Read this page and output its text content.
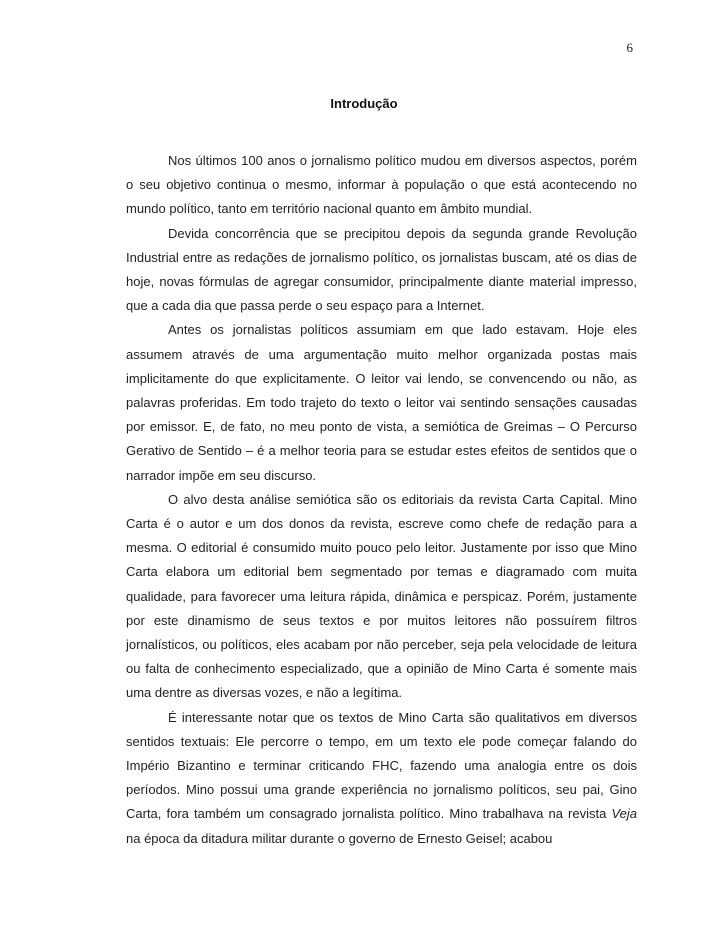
6
Introdução

Nos últimos 100 anos o jornalismo político mudou em diversos aspectos, porém o seu objetivo continua o mesmo, informar à população o que está acontecendo no mundo político, tanto em território nacional quanto em âmbito mundial.

Devida concorrência que se precipitou depois da segunda grande Revolução Industrial entre as redações de jornalismo político, os jornalistas buscam, até os dias de hoje, novas fórmulas de agregar consumidor, principalmente diante material impresso, que a cada dia que passa perde o seu espaço para a Internet.

Antes os jornalistas políticos assumiam em que lado estavam. Hoje eles assumem através de uma argumentação muito melhor organizada postas mais implicitamente do que explicitamente. O leitor vai lendo, se convencendo ou não, as palavras proferidas. Em todo trajeto do texto o leitor vai sentindo sensações causadas por emissor. E, de fato, no meu ponto de vista, a semiótica de Greimas – O Percurso Gerativo de Sentido – é a melhor teoria para se estudar estes efeitos de sentidos que o narrador impõe em seu discurso.

O alvo desta análise semiótica são os editoriais da revista Carta Capital. Mino Carta é o autor e um dos donos da revista, escreve como chefe de redação para a mesma. O editorial é consumido muito pouco pelo leitor. Justamente por isso que Mino Carta elabora um editorial bem segmentado por temas e diagramado com muita qualidade, para favorecer uma leitura rápida, dinâmica e perspicaz. Porém, justamente por este dinamismo de seus textos e por muitos leitores não possuírem filtros jornalísticos, ou políticos, eles acabam por não perceber, seja pela velocidade de leitura ou falta de conhecimento especializado, que a opinião de Mino Carta é somente mais uma dentre as diversas vozes, e não a legítima.

É interessante notar que os textos de Mino Carta são qualitativos em diversos sentidos textuais: Ele percorre o tempo, em um texto ele pode começar falando do Império Bizantino e terminar criticando FHC, fazendo uma analogia entre os dois períodos. Mino possui uma grande experiência no jornalismo políticos, seu pai, Gino Carta, fora também um consagrado jornalista político. Mino trabalhava na revista Veja na época da ditadura militar durante o governo de Ernesto Geisel; acabou
